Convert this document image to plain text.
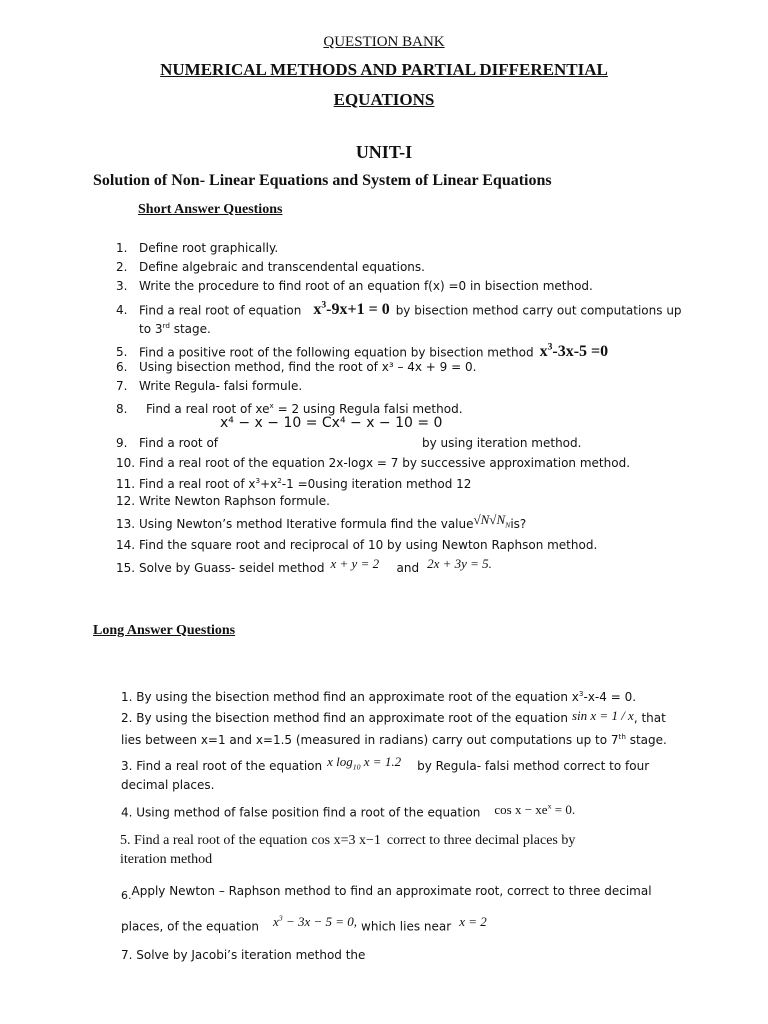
QUESTION BANK
NUMERICAL METHODS AND PARTIAL DIFFERENTIAL
EQUATIONS
UNIT-I
Solution of Non- Linear Equations and System of Linear Equations
Short Answer Questions
1. Define root graphically.
2. Define algebraic and transcendental equations.
3. Write the procedure to find root of an equation f(x) =0 in bisection method.
4. Find a real root of equation $x^3-9x+1 = 0$ by bisection method carry out computations up
to 3rd stage.
5. Find a positive root of the following equation by bisection method $x^3-3x-5 =0$
6. Using bisection method, find the root of x³ – 4x + 9 = 0.
7. Write Regula- falsi formule.
8. Find a real root of $xe^x = 2$ using Regula falsi method.
x⁴ − x − 10 = Cx⁴ − x − 10 = 0
9. Find a root of	by using iteration method.
10. Find a real root of the equation 2x-logx = 7 by successive approximation method.
11. Find a real root of $x^3+x^2-1 =0using$ iteration method 12
12. Write Newton Raphson formule.
13. Using Newton’s method Iterative formula find the $value√N√N_Nis$?
14. Find the square root and reciprocal of 10 by using Newton Raphson method.
15. Solve by Guass- seidel method x + y = 2 and 2x + 3y = 5.
Long Answer Questions
1. By using the bisection method find an approximate root of the equation $x^3-x-4 = 0$.
2. By using the bisection method find an approximate root of the equation sin x = 1 / x, that
lies between x=1 and x=1.5 (measured in radians) carry out computations up to 7th stage.
3. Find a real root of the equation x $\log_{10} x = 1.2$ by Regula- falsi method correct to four
decimal places.
4. Using method of false position find a root of the equation $\cos x - xe^x = 0$.
5. Find a real root of the equation cos x=3 x−1 correct to three decimal places by
iteration method
6.Apply Newton – Raphson method to find an approximate root, correct to three decimal
places, of the equation $x^3 - 3x - 5 = 0$, which lies near x = 2
7. Solve by Jacobi’s iteration method the
